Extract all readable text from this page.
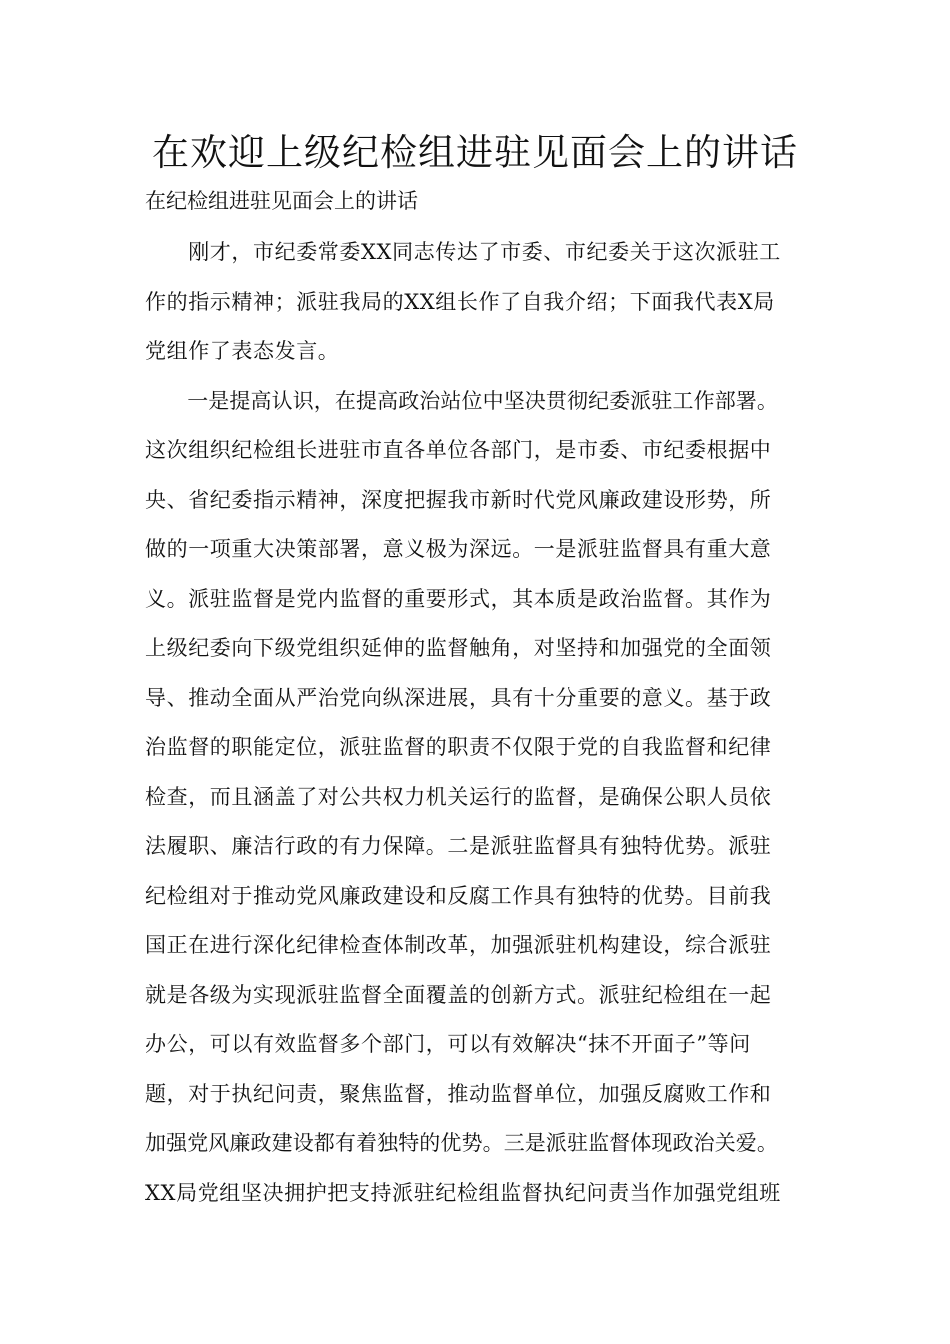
在欢迎上级纪检组进驻见面会上的讲话
在纪检组进驻见面会上的讲话
　　刚才，市纪委常委XX同志传达了市委、市纪委关于这次派驻工
作的指示精神；派驻我局的XX组长作了自我介绍；下面我代表X局
党组作了表态发言。
　　一是提高认识，在提高政治站位中坚决贯彻纪委派驻工作部署。
这次组织纪检组长进驻市直各单位各部门，是市委、市纪委根据中
央、省纪委指示精神，深度把握我市新时代党风廉政建设形势，所
做的一项重大决策部署，意义极为深远。一是派驻监督具有重大意
义。派驻监督是党内监督的重要形式，其本质是政治监督。其作为
上级纪委向下级党组织延伸的监督触角，对坚持和加强党的全面领
导、推动全面从严治党向纵深进展，具有十分重要的意义。基于政
治监督的职能定位，派驻监督的职责不仅限于党的自我监督和纪律
检查，而且涵盖了对公共权力机关运行的监督，是确保公职人员依
法履职、廉洁行政的有力保障。二是派驻监督具有独特优势。派驻
纪检组对于推动党风廉政建设和反腐工作具有独特的优势。目前我
国正在进行深化纪律检查体制改革，加强派驻机构建设，综合派驻
就是各级为实现派驻监督全面覆盖的创新方式。派驻纪检组在一起
办公，可以有效监督多个部门，可以有效解决“抹不开面子”等问
题，对于执纪问责，聚焦监督，推动监督单位，加强反腐败工作和
加强党风廉政建设都有着独特的优势。三是派驻监督体现政治关爱。
XX局党组坚决拥护把支持派驻纪检组监督执纪问责当作加强党组班
